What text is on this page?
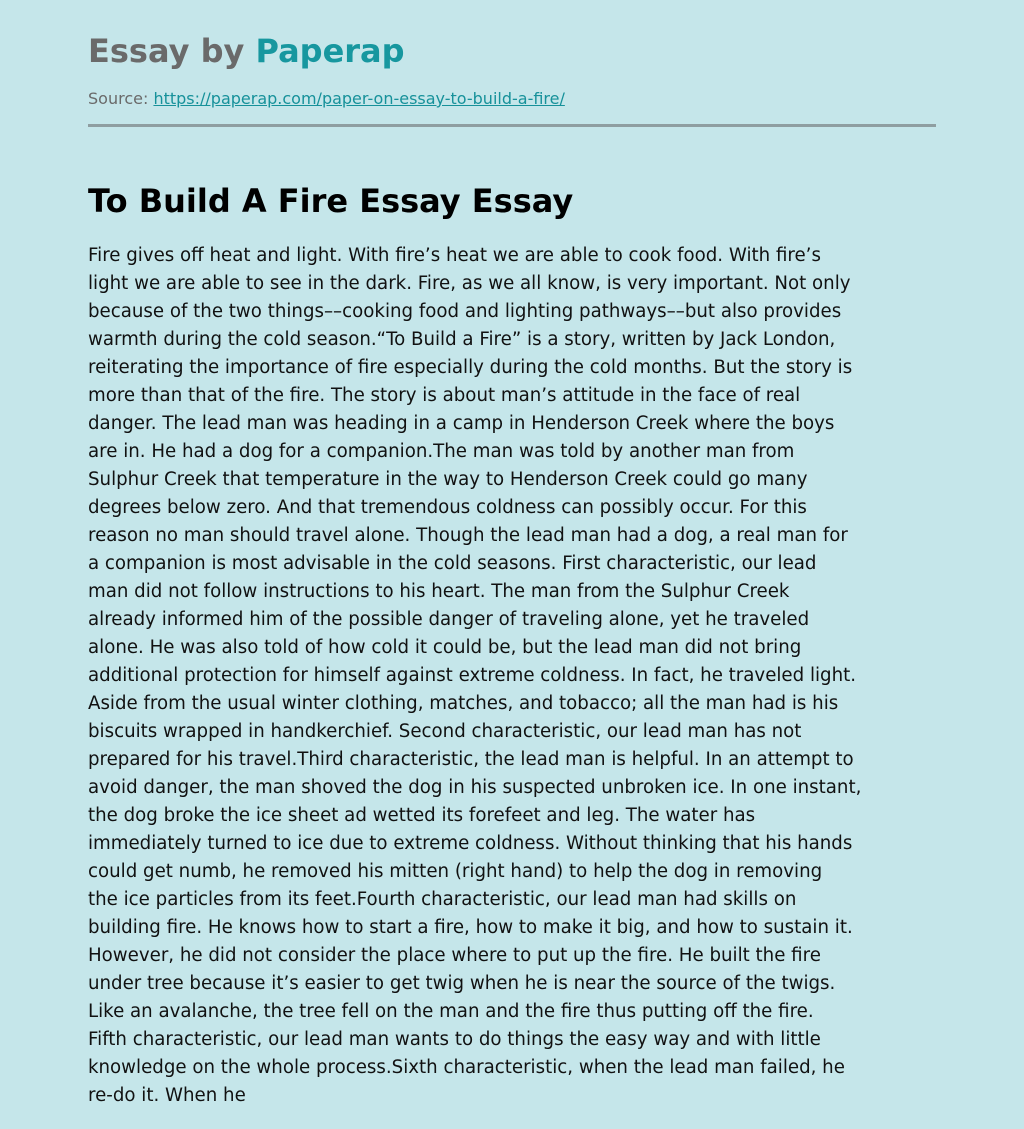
Essay by Paperap
Source: https://paperap.com/paper-on-essay-to-build-a-fire/
To Build A Fire Essay Essay
Fire gives off heat and light. With fire’s heat we are able to cook food. With fire’s
light we are able to see in the dark. Fire, as we all know, is very important. Not only
because of the two things––cooking food and lighting pathways––but also provides
warmth during the cold season.“To Build a Fire” is a story, written by Jack London,
reiterating the importance of fire especially during the cold months. But the story is
more than that of the fire. The story is about man’s attitude in the face of real
danger. The lead man was heading in a camp in Henderson Creek where the boys
are in. He had a dog for a companion.The man was told by another man from
Sulphur Creek that temperature in the way to Henderson Creek could go many
degrees below zero. And that tremendous coldness can possibly occur. For this
reason no man should travel alone. Though the lead man had a dog, a real man for
a companion is most advisable in the cold seasons. First characteristic, our lead
man did not follow instructions to his heart. The man from the Sulphur Creek
already informed him of the possible danger of traveling alone, yet he traveled
alone. He was also told of how cold it could be, but the lead man did not bring
additional protection for himself against extreme coldness. In fact, he traveled light.
Aside from the usual winter clothing, matches, and tobacco; all the man had is his
biscuits wrapped in handkerchief. Second characteristic, our lead man has not
prepared for his travel.Third characteristic, the lead man is helpful. In an attempt to
avoid danger, the man shoved the dog in his suspected unbroken ice. In one instant,
the dog broke the ice sheet ad wetted its forefeet and leg. The water has
immediately turned to ice due to extreme coldness. Without thinking that his hands
could get numb, he removed his mitten (right hand) to help the dog in removing
the ice particles from its feet.Fourth characteristic, our lead man had skills on
building fire. He knows how to start a fire, how to make it big, and how to sustain it.
However, he did not consider the place where to put up the fire. He built the fire
under tree because it’s easier to get twig when he is near the source of the twigs.
Like an avalanche, the tree fell on the man and the fire thus putting off the fire.
Fifth characteristic, our lead man wants to do things the easy way and with little
knowledge on the whole process.Sixth characteristic, when the lead man failed, he
re-do it. When he
